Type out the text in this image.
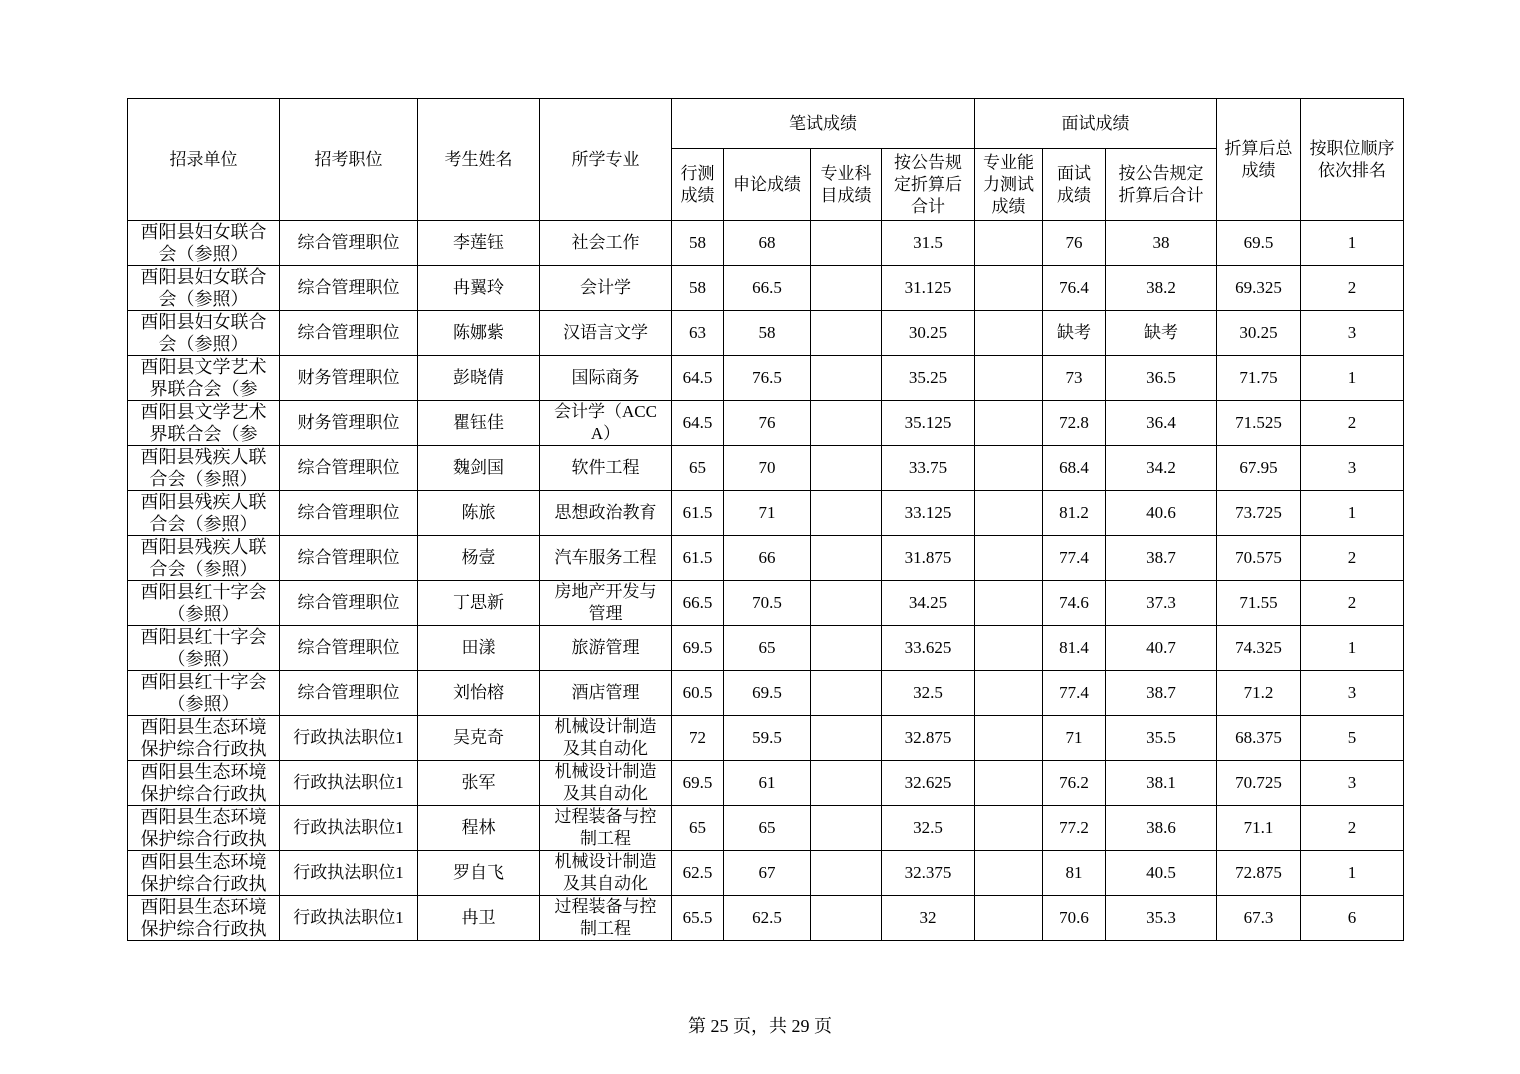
招录单位	招考职位	考生姓名	所学专业	笔试成绩				面试成绩			折算后总成绩	按职位顺序依次排名
				行测成绩	申论成绩	专业科目成绩	按公告规定折算后合计	专业能力测试成绩	面试成绩	按公告规定折算后合计		

酉阳县妇女联合会（参照）	综合管理职位	李莲钰	社会工作	58	68		31.5		76	38	69.5	1

酉阳县妇女联合会（参照）	综合管理职位	冉翼玲	会计学	58	66.5		31.125		76.4	38.2	69.325	2

酉阳县妇女联合会（参照）	综合管理职位	陈娜紫	汉语言文学	63	58		30.25		缺考	缺考	30.25	3

酉阳县文学艺术界联合会（参	财务管理职位	彭晓倩	国际商务	64.5	76.5		35.25		73	36.5	71.75	1

酉阳县文学艺术界联合会（参	财务管理职位	瞿钰佳	会计学（ACCA）	64.5	76		35.125		72.8	36.4	71.525	2

酉阳县残疾人联合会（参照）	综合管理职位	魏剑国	软件工程	65	70		33.75		68.4	34.2	67.95	3

酉阳县残疾人联合会（参照）	综合管理职位	陈旅	思想政治教育	61.5	71		33.125		81.2	40.6	73.725	1

酉阳县残疾人联合会（参照）	综合管理职位	杨壹	汽车服务工程	61.5	66		31.875		77.4	38.7	70.575	2

酉阳县红十字会（参照）	综合管理职位	丁思新	房地产开发与管理	66.5	70.5		34.25		74.6	37.3	71.55	2

酉阳县红十字会（参照）	综合管理职位	田漾	旅游管理	69.5	65		33.625		81.4	40.7	74.325	1

酉阳县红十字会（参照）	综合管理职位	刘怡榕	酒店管理	60.5	69.5		32.5		77.4	38.7	71.2	3

酉阳县生态环境保护综合行政执	行政执法职位1	吴克奇	机械设计制造及其自动化	72	59.5		32.875		71	35.5	68.375	5

酉阳县生态环境保护综合行政执	行政执法职位1	张军	机械设计制造及其自动化	69.5	61		32.625		76.2	38.1	70.725	3

酉阳县生态环境保护综合行政执	行政执法职位1	程林	过程装备与控制工程	65	65		32.5		77.2	38.6	71.1	2

酉阳县生态环境保护综合行政执	行政执法职位1	罗自飞	机械设计制造及其自动化	62.5	67		32.375		81	40.5	72.875	1

酉阳县生态环境保护综合行政执	行政执法职位1	冉卫	过程装备与控制工程	65.5	62.5		32		70.6	35.3	67.3	6
第 25 页，共 29 页
